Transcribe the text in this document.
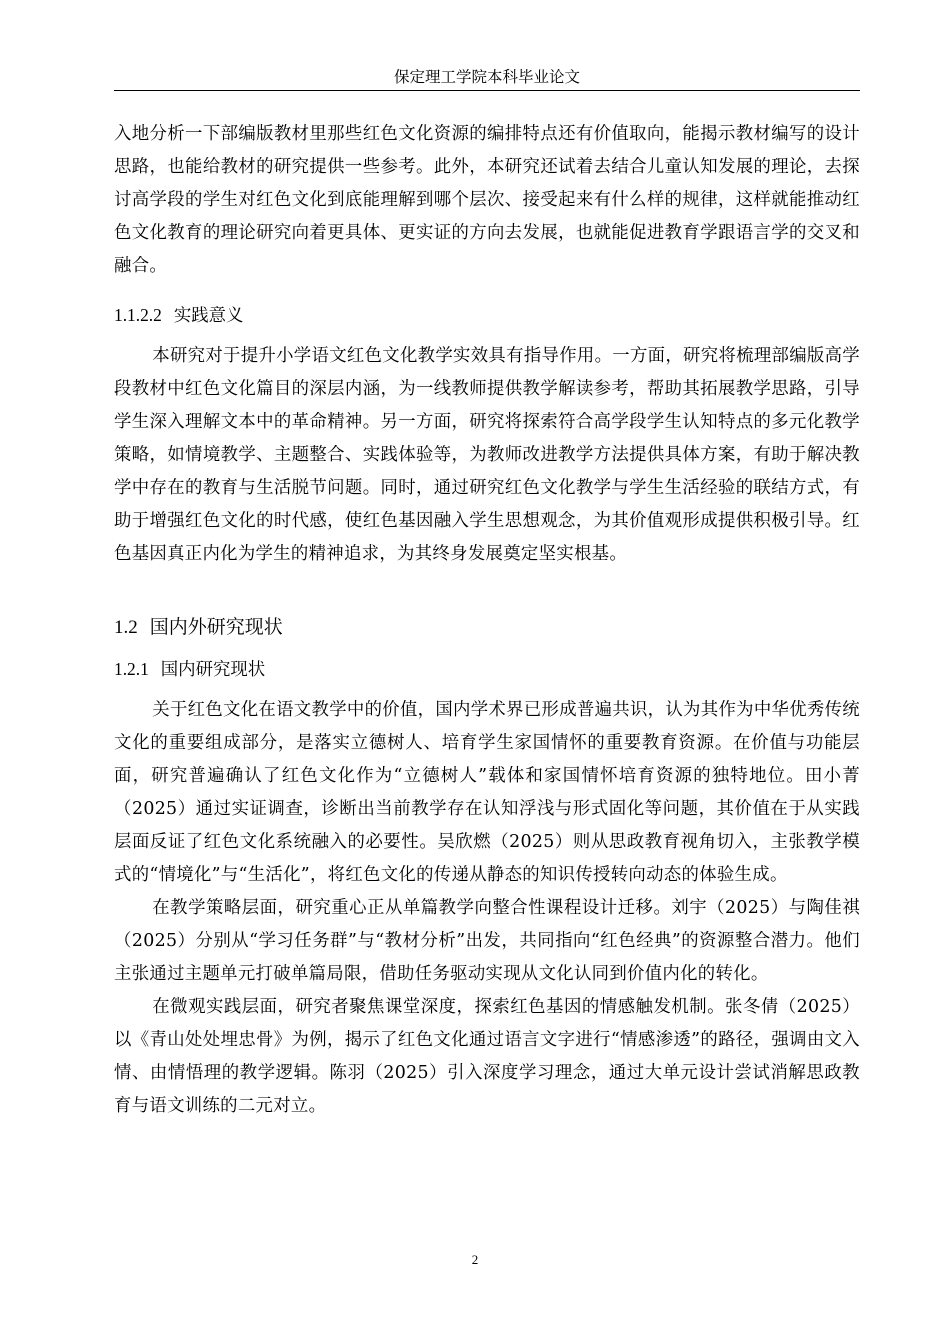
保定理工学院本科毕业论文

入地分析一下部编版教材里那些红色文化资源的编排特点还有价值取向，能揭示教材编写的设计思路，也能给教材的研究提供一些参考。此外，本研究还试着去结合儿童认知发展的理论，去探讨高学段的学生对红色文化到底能理解到哪个层次、接受起来有什么样的规律，这样就能推动红色文化教育的理论研究向着更具体、更实证的方向去发展，也就能促进教育学跟语言学的交叉和融合。

1.1.2.2 实践意义

本研究对于提升小学语文红色文化教学实效具有指导作用。一方面，研究将梳理部编版高学段教材中红色文化篇目的深层内涵，为一线教师提供教学解读参考，帮助其拓展教学思路，引导学生深入理解文本中的革命精神。另一方面，研究将探索符合高学段学生认知特点的多元化教学策略，如情境教学、主题整合、实践体验等，为教师改进教学方法提供具体方案，有助于解决教学中存在的教育与生活脱节问题。同时，通过研究红色文化教学与学生生活经验的联结方式，有助于增强红色文化的时代感，使红色基因融入学生思想观念，为其价值观形成提供积极引导。红色基因真正内化为学生的精神追求，为其终身发展奠定坚实根基。

1.2 国内外研究现状
1.2.1 国内研究现状

关于红色文化在语文教学中的价值，国内学术界已形成普遍共识，认为其作为中华优秀传统文化的重要组成部分，是落实立德树人、培育学生家国情怀的重要教育资源。在价值与功能层面，研究普遍确认了红色文化作为“立德树人”载体和家国情怀培育资源的独特地位。田小菁（2025）通过实证调查，诊断出当前教学存在认知浮浅与形式固化等问题，其价值在于从实践层面反证了红色文化系统融入的必要性。吴欣燃（2025）则从思政教育视角切入，主张教学模式的“情境化”与“生活化”，将红色文化的传递从静态的知识传授转向动态的体验生成。

在教学策略层面，研究重心正从单篇教学向整合性课程设计迁移。刘宇（2025）与陶佳祺（2025）分别从“学习任务群”与“教材分析”出发，共同指向“红色经典”的资源整合潜力。他们主张通过主题单元打破单篇局限，借助任务驱动实现从文化认同到价值内化的转化。

在微观实践层面，研究者聚焦课堂深度，探索红色基因的情感触发机制。张冬倩（2025）以《青山处处埋忠骨》为例，揭示了红色文化通过语言文字进行“情感渗透”的路径，强调由文入情、由情悟理的教学逻辑。陈羽（2025）引入深度学习理念，通过大单元设计尝试消解思政教育与语文训练的二元对立。

2
